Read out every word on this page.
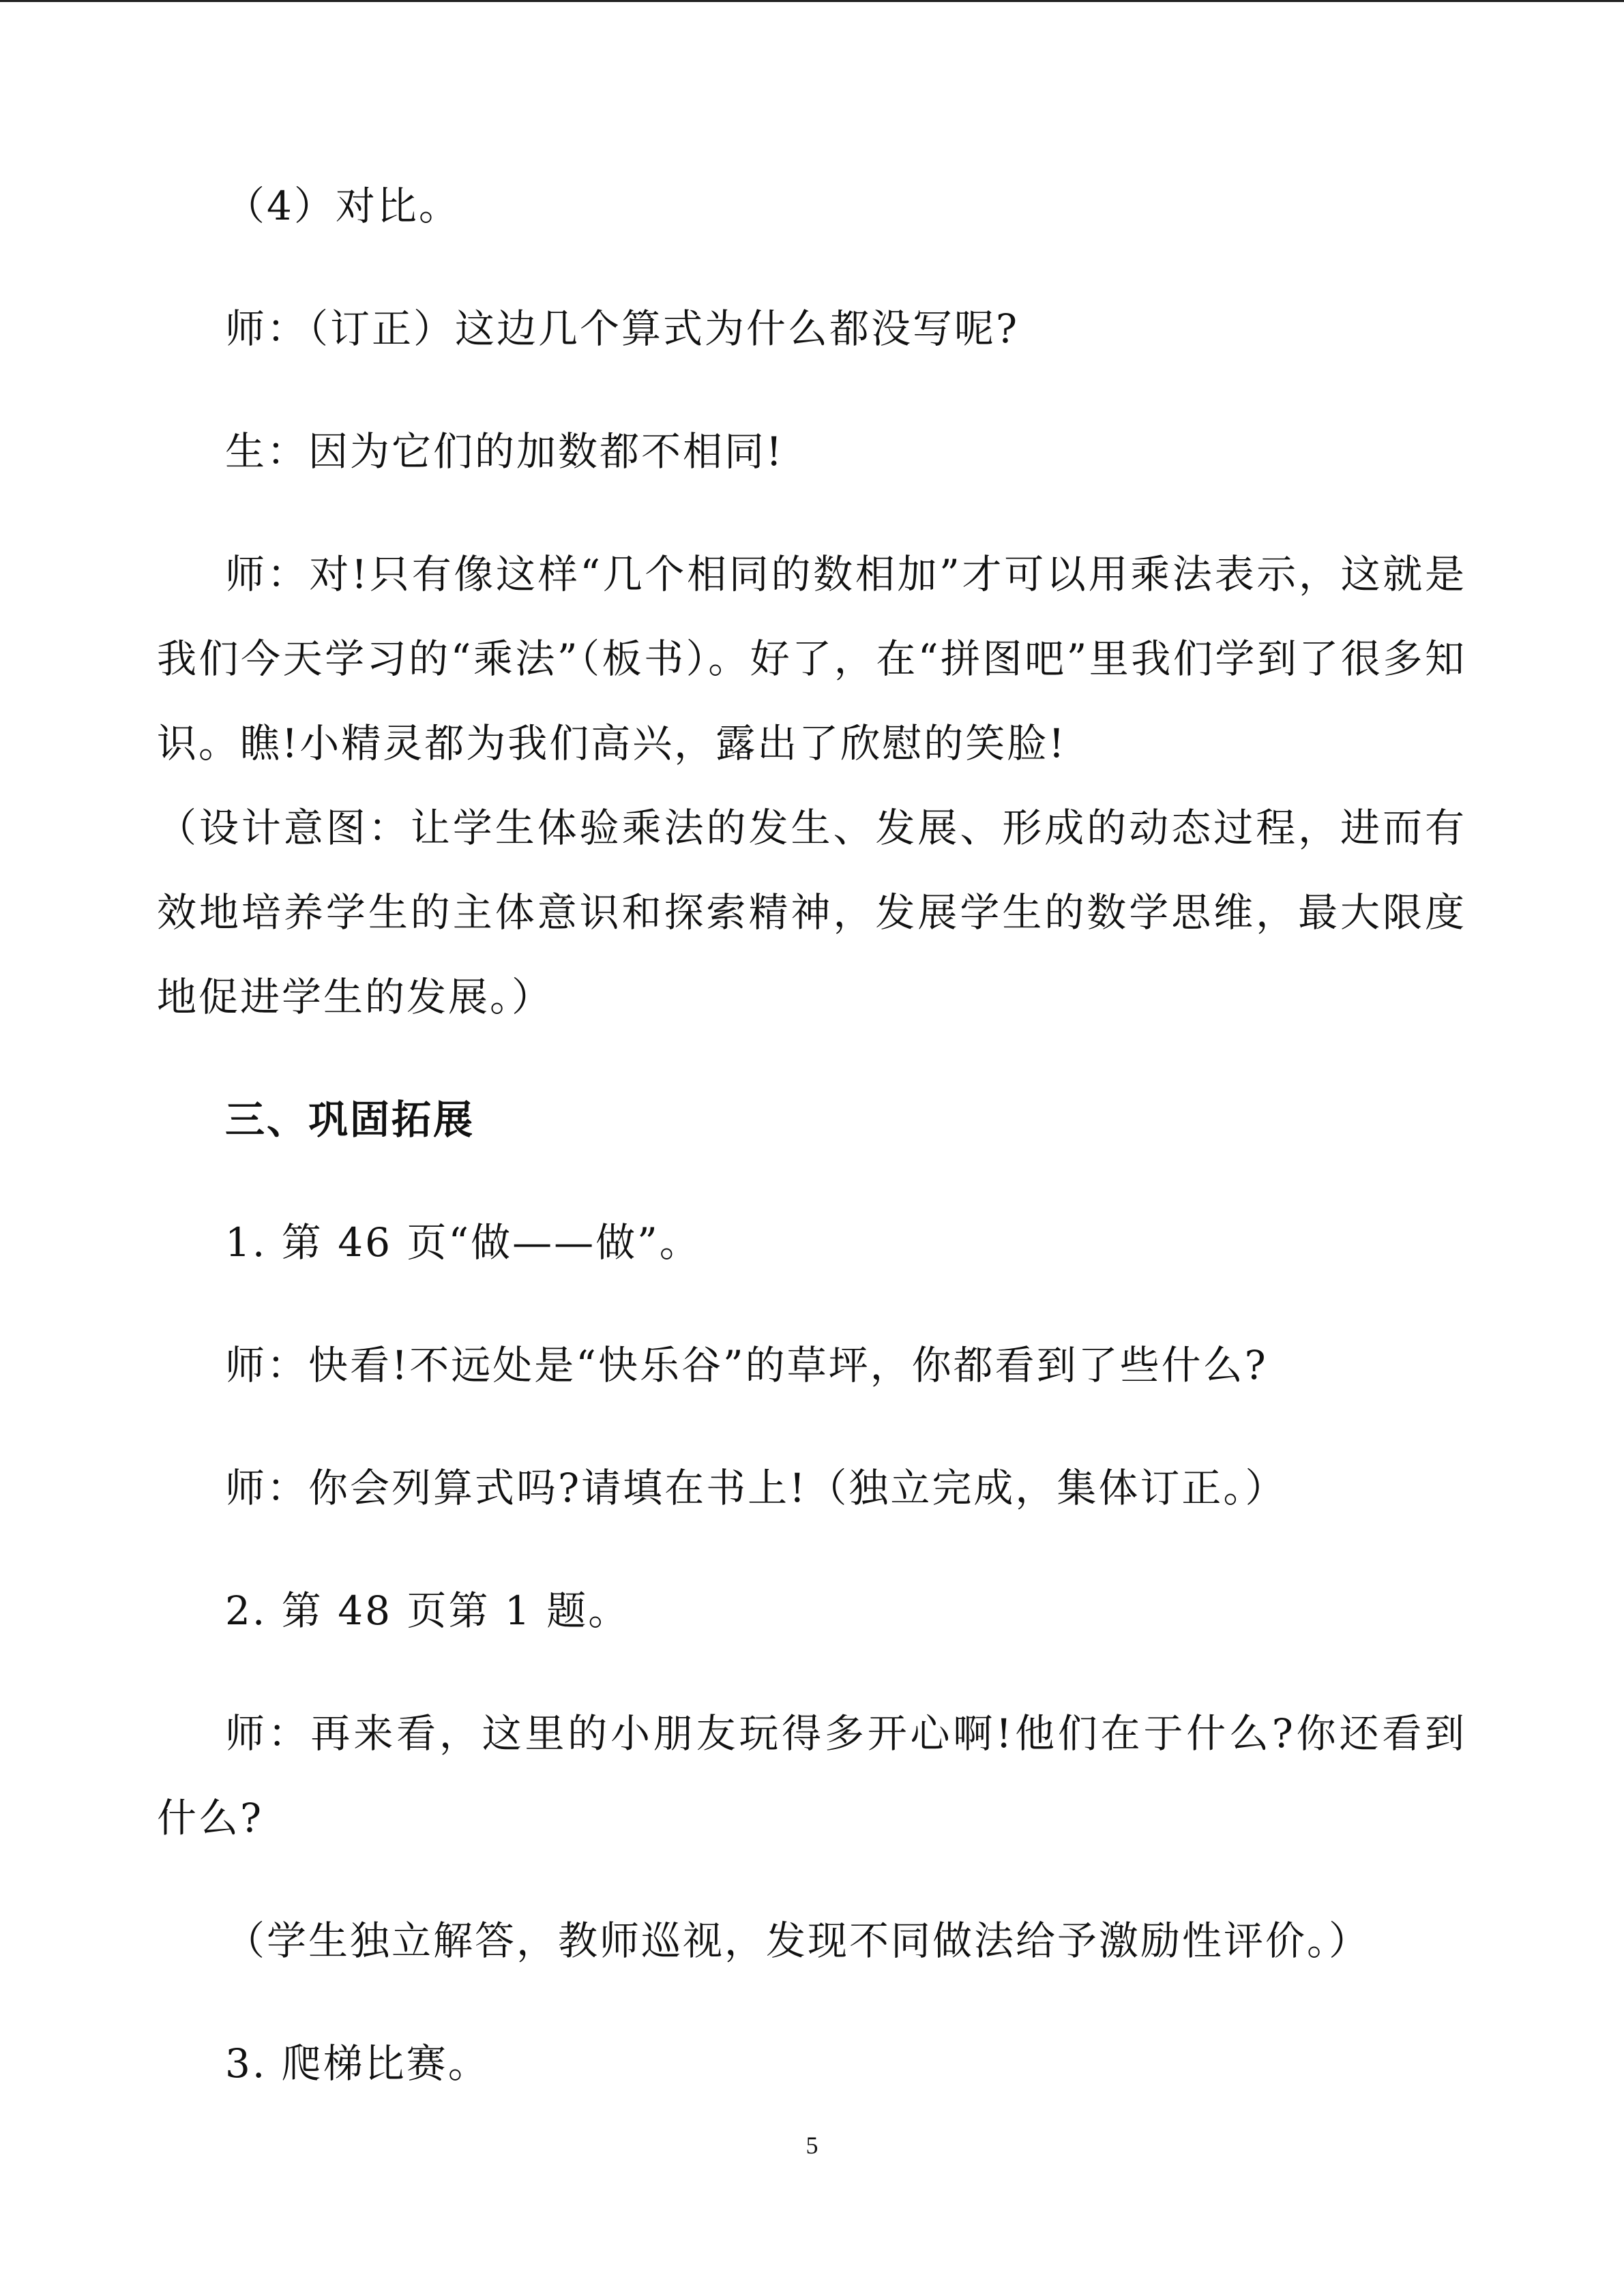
（4）对比。

师：（订正）这边几个算式为什么都没写呢?

生：因为它们的加数都不相同!

师：对!只有像这样“几个相同的数相加”才可以用乘法表示，这就是我们今天学习的“乘法”（板书）。好了，在“拼图吧”里我们学到了很多知识。瞧!小精灵都为我们高兴，露出了欣慰的笑脸!

（设计意图：让学生体验乘法的发生、发展、形成的动态过程，进而有效地培养学生的主体意识和探索精神，发展学生的数学思维，最大限度地促进学生的发展。）

三、巩固拓展

1. 第 46 页“做——做”。

师：快看!不远处是“快乐谷”的草坪，你都看到了些什么?

师：你会列算式吗?请填在书上!（独立完成，集体订正。）

2. 第 48 页第 1 题。

师：再来看，这里的小朋友玩得多开心啊!他们在于什么?你还看到什么?

（学生独立解答，教师巡视，发现不同做法给予激励性评价。）

3. 爬梯比赛。

5
